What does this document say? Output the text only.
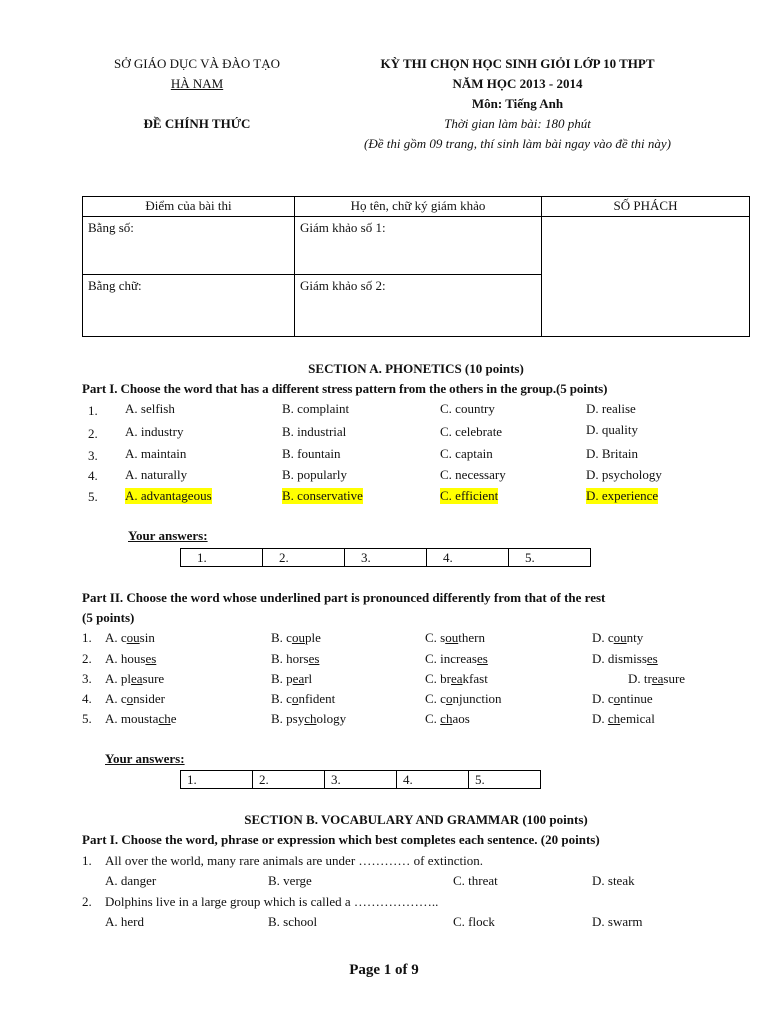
SỞ GIÁO DỤC VÀ ĐÀO TẠO
HÀ NAM
ĐỀ CHÍNH THỨC
KỲ THI CHỌN HỌC SINH GIỎI LỚP 10 THPT
NĂM HỌC 2013 - 2014
Môn: Tiếng Anh
Thời gian làm bài: 180 phút
(Đề thi gồm 09 trang, thí sinh làm bài ngay vào đề thi này)
Điểm của bài thi	Họ tên, chữ ký giám khảo	SỐ PHÁCH
Bằng số:	Giám khảo số 1:	
Bằng chữ:	Giám khảo số 2:	
SECTION A. PHONETICS (10 points)
Part I. Choose the word that has a different stress pattern from the others in the group.(5 points)
1. A. selfish	B. complaint	C. country	D. realise
2. A. industry	B. industrial	C. celebrate	D. quality
3. A. maintain	B. fountain	C. captain	D. Britain
4. A. naturally	B. popularly	C. necessary	D. psychology
5. A. advantageous	B. conservative	C. efficient	D. experience
Your answers:
1.	2.	3.	4.	5.
Part II. Choose the word whose underlined part is pronounced differently from that of the rest
(5 points)
1. A. cousin	B. couple	C. southern	D. county
2. A. houses	B. horses	C. increases	D. dismisses
3. A. pleasure	B. pearl	C. breakfast	D. treasure
4. A. consider	B. confident	C. conjunction	D. continue
5. A. moustache	B. psychology	C. chaos	D. chemical
Your answers:
1.	2.	3.	4.	5.
SECTION B. VOCABULARY AND GRAMMAR (100 points)
Part I. Choose the word, phrase or expression which best completes each sentence. (20 points)
1. All over the world, many rare animals are under ………… of extinction.
A. danger	B. verge	C. threat	D. steak
2. Dolphins live in a large group which is called a ………………..
A. herd	B. school	C. flock	D. swarm
Page 1 of 9
